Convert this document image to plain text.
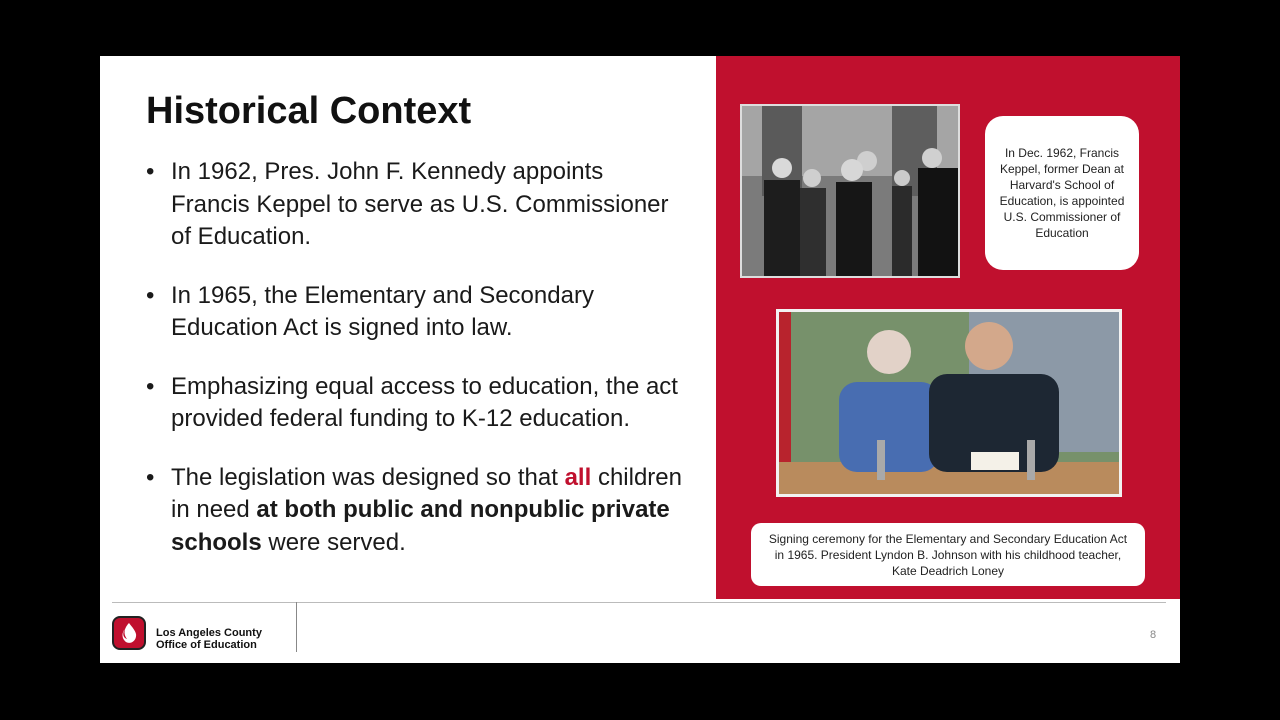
Historical Context
• In 1962, Pres. John F. Kennedy appoints Francis Keppel to serve as U.S. Commissioner of Education.
• In 1965, the Elementary and Secondary Education Act is signed into law.
• Emphasizing equal access to education, the act provided federal funding to K-12 education.
• The legislation was designed so that all children in need at both public and nonpublic private schools were served.
In Dec. 1962, Francis Keppel, former Dean at Harvard's School of Education, is appointed U.S. Commissioner of Education
Signing ceremony for the Elementary and Secondary Education Act in 1965. President Lyndon B. Johnson with his childhood teacher, Kate Deadrich Loney
Los Angeles County
Office of Education
8
